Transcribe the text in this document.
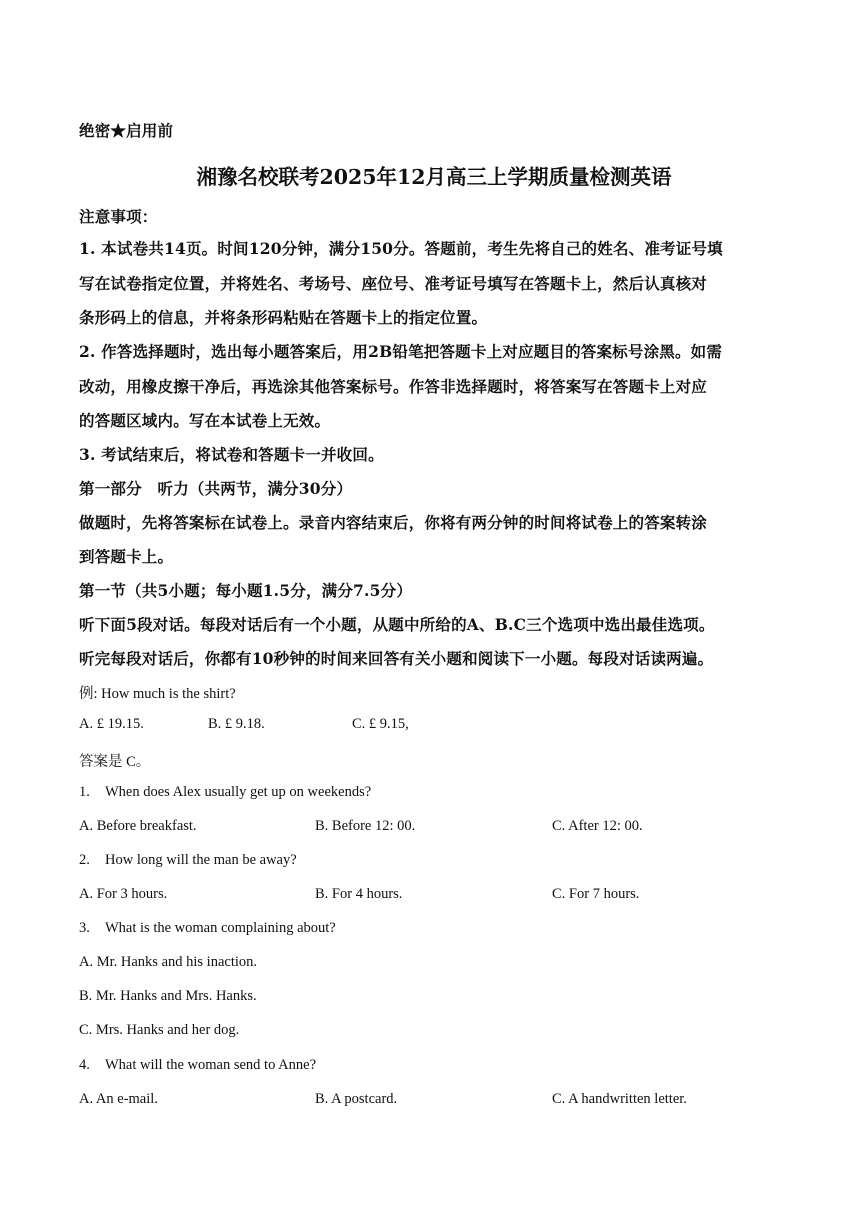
绝密★启用前
湘豫名校联考2025年12月高三上学期质量检测英语
注意事项：
1. 本试卷共14页。时间120分钟，满分150分。答题前，考生先将自己的姓名、准考证号填
写在试卷指定位置，并将姓名、考场号、座位号、准考证号填写在答题卡上，然后认真核对
条形码上的信息，并将条形码粘贴在答题卡上的指定位置。
2. 作答选择题时，选出每小题答案后，用2B铅笔把答题卡上对应题目的答案标号涂黑。如需
改动，用橡皮擦干净后，再选涂其他答案标号。作答非选择题时，将答案写在答题卡上对应
的答题区域内。写在本试卷上无效。
3. 考试结束后，将试卷和答题卡一并收回。
第一部分　听力（共两节，满分30分）
做题时，先将答案标在试卷上。录音内容结束后，你将有两分钟的时间将试卷上的答案转涂
到答题卡上。
第一节（共5小题；每小题1.5分，满分7.5分）
听下面5段对话。每段对话后有一个小题，从题中所给的A、B.C三个选项中选出最佳选项。
听完每段对话后，你都有10秒钟的时间来回答有关小题和阅读下一小题。每段对话读两遍。
例: How much is the shirt?
A. £ 19.15.	B. £ 9.18.	C. £ 9.15,
答案是 C。
1. When does Alex usually get up on weekends?
A. Before breakfast.	B. Before 12: 00.	C. After 12: 00.
2. How long will the man be away?
A. For 3 hours.	B. For 4 hours.	C. For 7 hours.
3. What is the woman complaining about?
A. Mr. Hanks and his inaction.
B. Mr. Hanks and Mrs. Hanks.
C. Mrs. Hanks and her dog.
4. What will the woman send to Anne?
A. An e-mail.	B. A postcard.	C. A handwritten letter.
